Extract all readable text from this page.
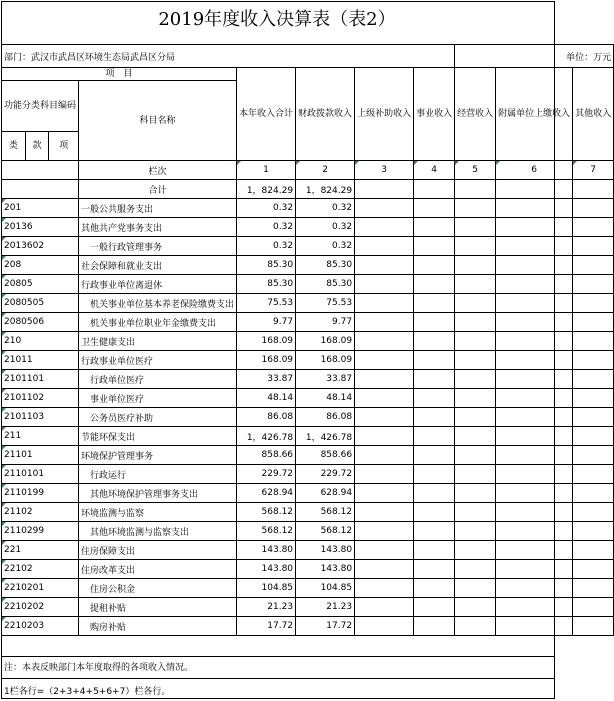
2019年度收入决算表（表2）
部门：武汉市武昌区环境生态局武昌区分局								单位：万元		
项　目				本年收入合计	财政拨款收入	上级补助收入	事业收入	经营收入	附属单位上缴收入	其他收入
功能分类科目编码			科目名称							
类	款	项								
			栏次	1	2	3	4	5	6	7
			合计	1，824.29	1，824.29					
201			一般公共服务支出	0.32	0.32					
20136			其他共产党事务支出	0.32	0.32					
2013602			　一般行政管理事务	0.32	0.32					
208			社会保障和就业支出	85.30	85.30					
20805			行政事业单位离退休	85.30	85.30					
2080505			　机关事业单位基本养老保险缴费支出	75.53	75.53					
2080506			　机关事业单位职业年金缴费支出	9.77	9.77					
210			卫生健康支出	168.09	168.09					
21011			行政事业单位医疗	168.09	168.09					
2101101			　行政单位医疗	33.87	33.87					
2101102			　事业单位医疗	48.14	48.14					
2101103			　公务员医疗补助	86.08	86.08					
211			节能环保支出	1，426.78	1，426.78					
21101			环境保护管理事务	858.66	858.66					
2110101			　行政运行	229.72	229.72					
2110199			　其他环境保护管理事务支出	628.94	628.94					
21102			环境监测与监察	568.12	568.12					
2110299			　其他环境监测与监察支出	568.12	568.12					
221			住房保障支出	143.80	143.80					
22102			住房改革支出	143.80	143.80					
2210201			　住房公积金	104.85	104.85					
2210202			　提租补贴	21.23	21.23					
2210203			　购房补贴	17.72	17.72					
注：本表反映部门本年度取得的各项收入情况。
1栏各行=（2+3+4+5+6+7）栏各行。
